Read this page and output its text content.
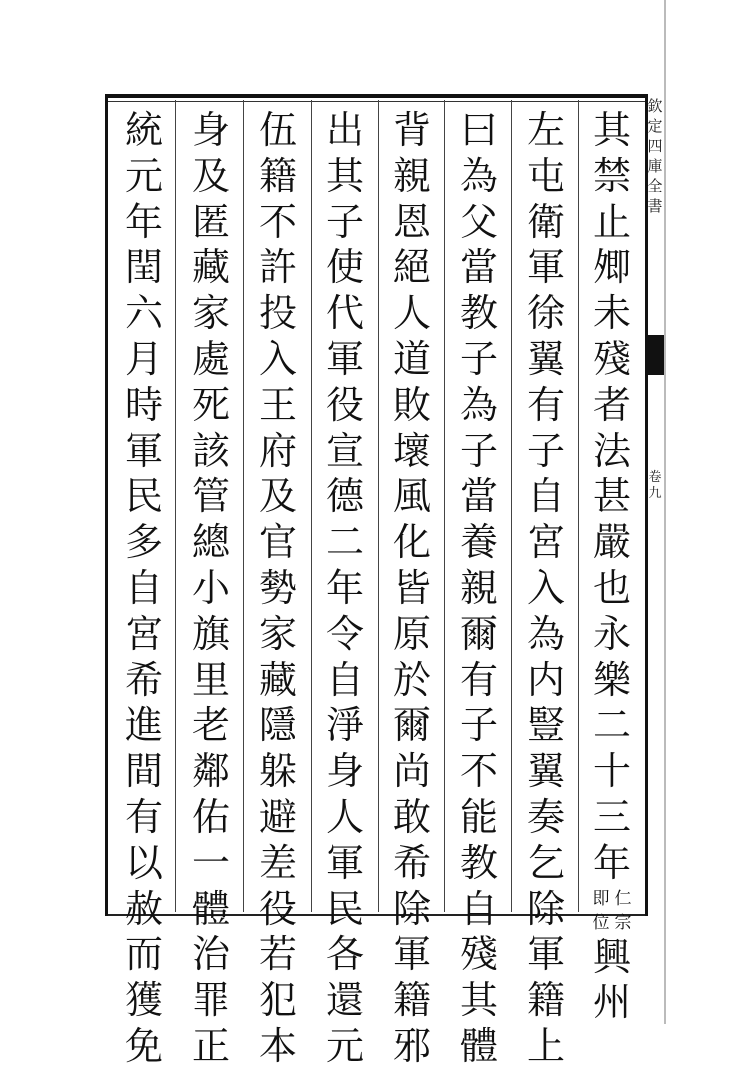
欽
定
四
庫
全
書
卷
九
其
禁
止
𡖖
未
殘
者
法
甚
嚴
也
永
樂
二
十
三
年
仁
宗
即
位
興
州
左
屯
衛
軍
徐
翼
有
子
自
宮
入
為
内
豎
翼
奏
乞
除
軍
籍
上
曰
為
父
當
教
子
為
子
當
養
親
爾
有
子
不
能
教
自
殘
其
體
背
親
恩
絕
人
道
敗
壞
風
化
皆
原
於
爾
尚
敢
希
除
軍
籍
邪
出
其
子
使
代
軍
役
宣
德
二
年
令
自
淨
身
人
軍
民
各
還
元
伍
籍
不
許
投
入
王
府
及
官
勢
家
藏
隱
躲
避
差
役
若
犯
本
身
及
匿
藏
家
處
死
該
管
總
小
旗
里
老
鄰
佑
一
體
治
罪
正
統
元
年
閏
六
月
時
軍
民
多
自
宮
希
進
間
有
以
赦
而
獲
免
